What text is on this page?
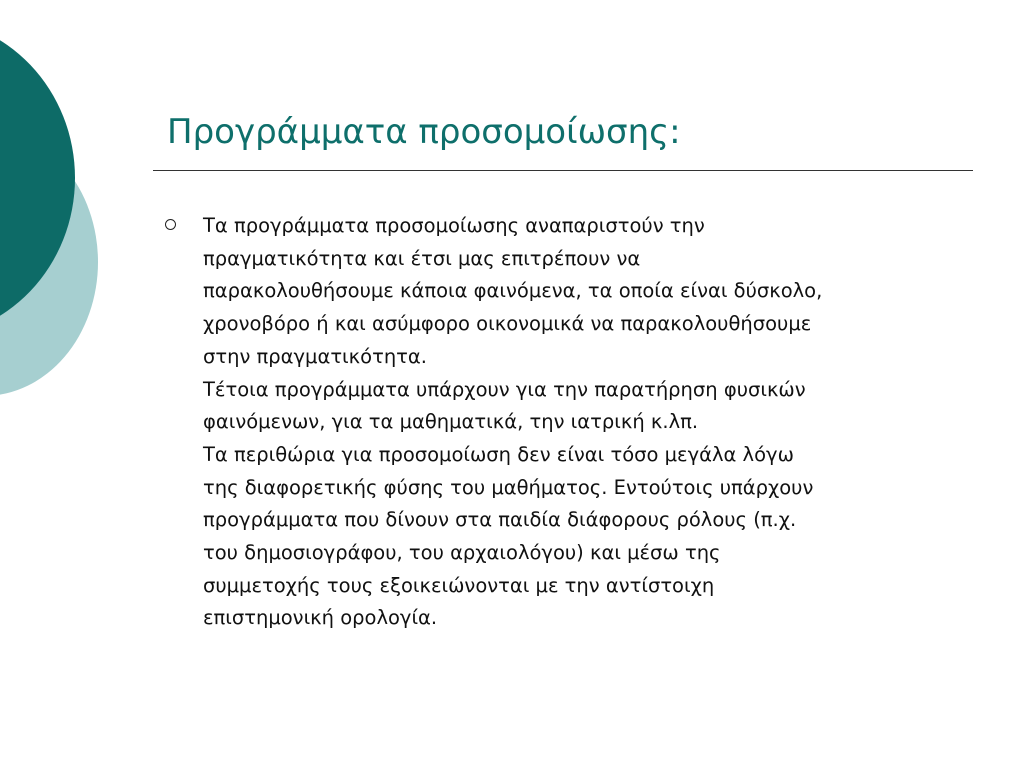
Προγράμματα προσομοίωσης:
Τα προγράμματα προσομοίωσης αναπαριστούν την
πραγματικότητα και έτσι μας επιτρέπουν να
παρακολουθήσουμε κάποια φαινόμενα, τα οποία είναι δύσκολο,
χρονοβόρο ή και ασύμφορο οικονομικά να παρακολουθήσουμε
στην πραγματικότητα.
Τέτοια προγράμματα υπάρχουν για την παρατήρηση φυσικών
φαινόμενων, για τα μαθηματικά, την ιατρική κ.λπ.
Τα περιθώρια για προσομοίωση δεν είναι τόσο μεγάλα λόγω
της διαφορετικής φύσης του μαθήματος. Εντούτοις υπάρχουν
προγράμματα που δίνουν στα παιδία διάφορους ρόλους (π.χ.
του δημοσιογράφου, του αρχαιολόγου) και μέσω της
συμμετοχής τους εξοικειώνονται με την αντίστοιχη
επιστημονική ορολογία.
